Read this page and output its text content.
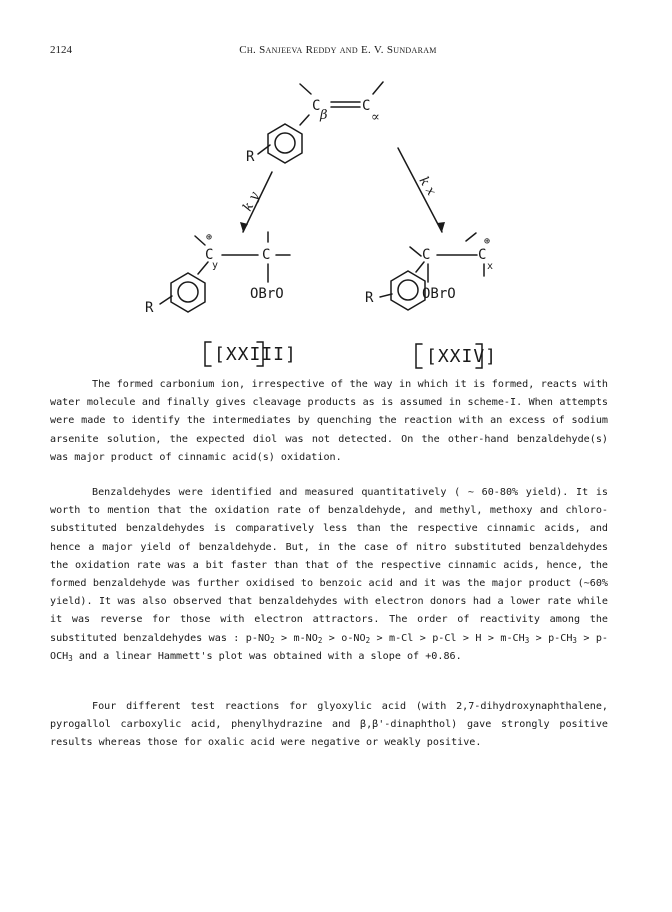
2124	Ch. Sanjeeva Reddy and E. V. Sundaram
C
β
C
∝
R
k y
k x
C
y
⊕
C
OBrO
R
[XXIII]
C	C
x
⊕
OBrO
R
[XXIV]

The formed carbonium ion, irrespective of the way in which it is formed, reacts with water molecule and finally gives cleavage products as is assumed in scheme-I. When attempts were made to identify the intermediates by quenching the reaction with an excess of sodium arsenite solution, the expected diol was not detected. On the other-hand benzaldehyde(s) was major product of cinnamic acid(s) oxidation.

Benzaldehydes were identified and measured quantitatively ( ~ 60-80% yield). It is worth to mention that the oxidation rate of benzaldehyde, and methyl, methoxy and chloro-substituted benzaldehydes is comparatively less than the respective cinnamic acids, and hence a major yield of benzaldehyde. But, in the case of nitro substituted benzaldehydes the oxidation rate was a bit faster than that of the respective cinnamic acids, hence, the formed benzaldehyde was further oxidised to benzoic acid and it was the major product (~60% yield). It was also observed that benzaldehydes with electron donors had a lower rate while it was reverse for those with electron attractors. The order of reactivity among the substituted benzaldehydes was : $p-NO_2 > m-NO_2 > o-NO_2 > m-Cl > p-Cl > H > m-CH_3 > p-CH_3 > p-OCH_3$ and a linear Hammett's plot was obtained with a slope of +0.86.

Four different test reactions for glyoxylic acid (with 2,7-dihydroxynaphthalene, pyrogallol carboxylic acid, phenylhydrazine and β,β'-dinaphthol) gave strongly positive results whereas those for oxalic acid were negative or weakly positive.
